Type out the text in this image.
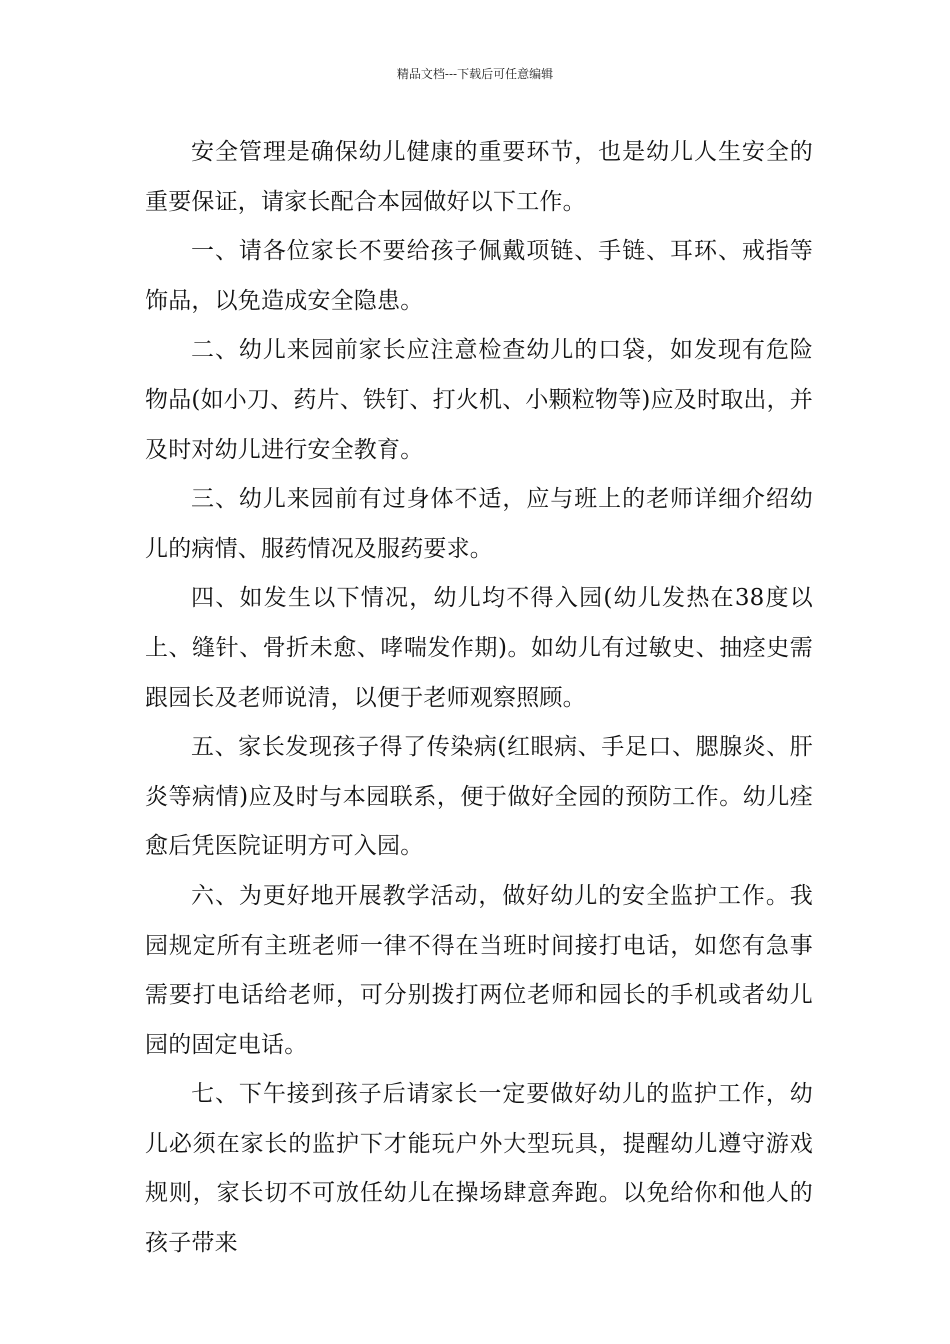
精品文档---下载后可任意编辑

安全管理是确保幼儿健康的重要环节，也是幼儿人生安全的重要保证，请家长配合本园做好以下工作。

一、请各位家长不要给孩子佩戴项链、手链、耳环、戒指等饰品，以免造成安全隐患。

二、幼儿来园前家长应注意检查幼儿的口袋，如发现有危险物品(如小刀、药片、铁钉、打火机、小颗粒物等)应及时取出，并及时对幼儿进行安全教育。

三、幼儿来园前有过身体不适，应与班上的老师详细介绍幼儿的病情、服药情况及服药要求。

四、如发生以下情况，幼儿均不得入园(幼儿发热在38度以上、缝针、骨折未愈、哮喘发作期)。如幼儿有过敏史、抽痉史需跟园长及老师说清，以便于老师观察照顾。

五、家长发现孩子得了传染病(红眼病、手足口、腮腺炎、肝炎等病情)应及时与本园联系，便于做好全园的预防工作。幼儿痊愈后凭医院证明方可入园。

六、为更好地开展教学活动，做好幼儿的安全监护工作。我园规定所有主班老师一律不得在当班时间接打电话，如您有急事需要打电话给老师，可分别拨打两位老师和园长的手机或者幼儿园的固定电话。

七、下午接到孩子后请家长一定要做好幼儿的监护工作，幼儿必须在家长的监护下才能玩户外大型玩具，提醒幼儿遵守游戏规则，家长切不可放任幼儿在操场肆意奔跑。以免给你和他人的孩子带来
